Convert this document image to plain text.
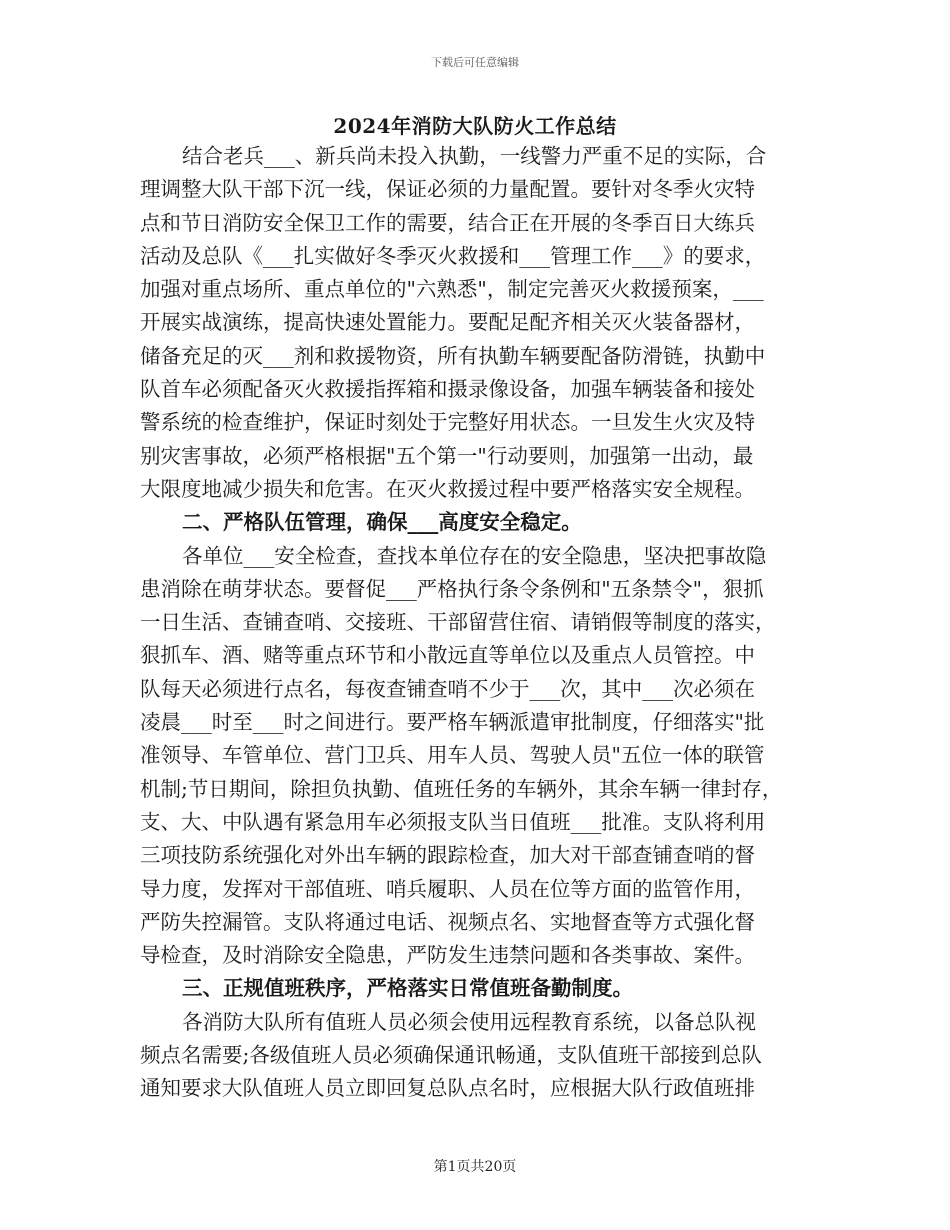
下载后可任意编辑
2024年消防大队防火工作总结
结合老兵___、新兵尚未投入执勤，一线警力严重不足的实际，合
理调整大队干部下沉一线，保证必须的力量配置。要针对冬季火灾特
点和节日消防安全保卫工作的需要，结合正在开展的冬季百日大练兵
活动及总队《___扎实做好冬季灭火救援和___管理工作___》的要求，
加强对重点场所、重点单位的"六熟悉"，制定完善灭火救援预案，___
开展实战演练，提高快速处置能力。要配足配齐相关灭火装备器材，
储备充足的灭___剂和救援物资，所有执勤车辆要配备防滑链，执勤中
队首车必须配备灭火救援指挥箱和摄录像设备，加强车辆装备和接处
警系统的检查维护，保证时刻处于完整好用状态。一旦发生火灾及特
别灾害事故，必须严格根据"五个第一"行动要则，加强第一出动，最
大限度地减少损失和危害。在灭火救援过程中要严格落实安全规程。
二、严格队伍管理，确保___高度安全稳定。
各单位___安全检查，查找本单位存在的安全隐患，坚决把事故隐
患消除在萌芽状态。要督促___严格执行条令条例和"五条禁令"，狠抓
一日生活、查铺查哨、交接班、干部留营住宿、请销假等制度的落实，
狠抓车、酒、赌等重点环节和小散远直等单位以及重点人员管控。中
队每天必须进行点名，每夜查铺查哨不少于___次，其中___次必须在
凌晨___时至___时之间进行。要严格车辆派遣审批制度，仔细落实"批
准领导、车管单位、营门卫兵、用车人员、驾驶人员"五位一体的联管
机制;节日期间，除担负执勤、值班任务的车辆外，其余车辆一律封存，
支、大、中队遇有紧急用车必须报支队当日值班___批准。支队将利用
三项技防系统强化对外出车辆的跟踪检查，加大对干部查铺查哨的督
导力度，发挥对干部值班、哨兵履职、人员在位等方面的监管作用，
严防失控漏管。支队将通过电话、视频点名、实地督查等方式强化督
导检查，及时消除安全隐患，严防发生违禁问题和各类事故、案件。
三、正规值班秩序，严格落实日常值班备勤制度。
各消防大队所有值班人员必须会使用远程教育系统，以备总队视
频点名需要;各级值班人员必须确保通讯畅通，支队值班干部接到总队
通知要求大队值班人员立即回复总队点名时，应根据大队行政值班排
第1页共20页
